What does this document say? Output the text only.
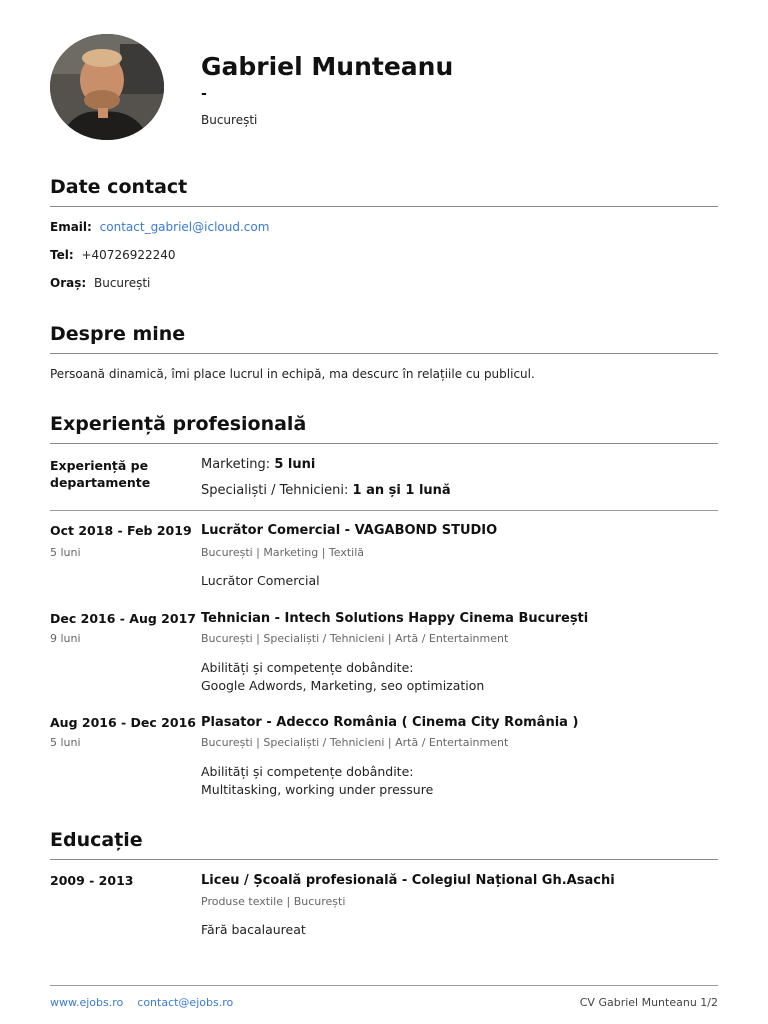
Gabriel Munteanu
-
București
Date contact
Email: contact_gabriel@icloud.com
Tel: +40726922240
Oraș: București
Despre mine
Persoană dinamică, îmi place lucrul in echipă, ma descurc în relațiile cu publicul.
Experiență profesională
Experiență pe departamente
Marketing: 5 luni
Specialiști / Tehnicieni: 1 an și 1 lună
Oct 2018 - Feb 2019
5 luni
Lucrător Comercial - VAGABOND STUDIO
București | Marketing | Textilă
Lucrător Comercial
Dec 2016 - Aug 2017
9 luni
Tehnician - Intech Solutions Happy Cinema București
București | Specialiști / Tehnicieni | Artă / Entertainment
Abilități și competențe dobândite:
Google Adwords, Marketing, seo optimization
Aug 2016 - Dec 2016
5 luni
Plasator - Adecco România ( Cinema City România )
București | Specialiști / Tehnicieni | Artă / Entertainment
Abilități și competențe dobândite:
Multitasking, working under pressure
Educație
2009 - 2013	Liceu / Școală profesională - Colegiul Național Gh.Asachi
Produse textile | București
Fără bacalaureat
www.ejobs.ro contact@ejobs.ro	CV Gabriel Munteanu 1/2
